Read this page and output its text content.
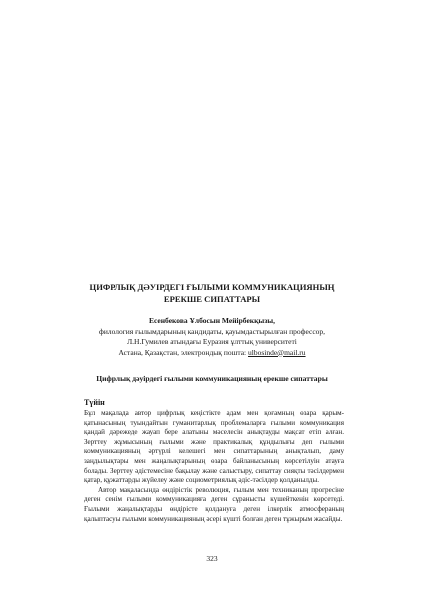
ЦИФРЛЫҚ ДӘУІРДЕГІ ҒЫЛЫМИ КОММУНИКАЦИЯНЫҢ
ЕРЕКШЕ СИПАТТАРЫ
Есенбекова Ұлбосын Мейірбекқызы,
филология ғылымдарының кандидаты, қауымдастырылған профессор,
Л.Н.Гумилев атындағы Еуразия ұлттық университеті
Астана, Қазақстан, электрондық пошта: ulbosinde@mail.ru
Цифрлық дәуірдегі ғылыми коммуникацияның ерекше сипаттары
Түйін

Бұл мақалада автор цифрлық кеңістікте адам мен қоғамның өзара қарым-қатынасының туындайтын гуманитарлық проблемаларға ғылыми коммуникация қандай дәрежеде жауап бере алатыны мәселесін анықтауды мақсат етіп алған. Зерттеу жұмысының ғылыми және практикалық құндылығы деп ғылыми коммуникацияның әртүрлі келешегі мен сипаттарының анықталып, даму заңдылықтары мен жаңалықтарының өзара байланысының көрсетілуін атауға болады. Зерттеу әдістемесіне бақылау және салыстыру, сипаттау сияқты тәсілдермен қатар, құжаттарды жүйелеу және социометриялық әдіс-тәсілдер қолданылды.

Автор мақаласында өндірістік революция, ғылым мен техниканың прогресіне деген сенім ғылыми коммуникацияға деген сұранысты күшейткенін көрсетеді. Ғылыми жаңалықтарды өндірісте қолдануға деген ілкерлік атмосфераның қалыптасуы ғылыми коммуникацияның әсері күшті болған деген тұжырым жасайды.

323
